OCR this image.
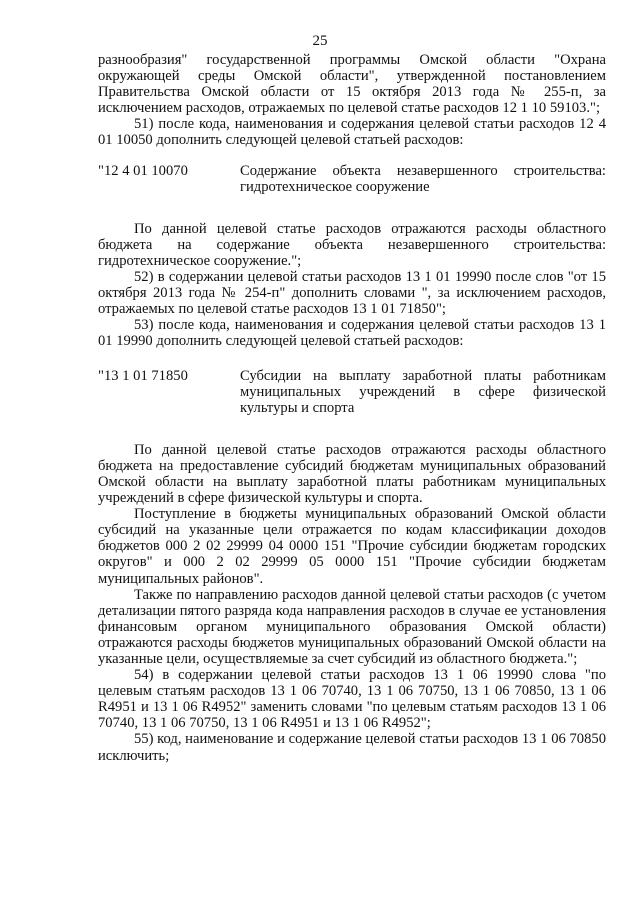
25

разнообразия" государственной программы Омской области "Охрана окружающей среды Омской области", утвержденной постановлением Правительства Омской области от 15 октября 2013 года № 255-п, за исключением расходов, отражаемых по целевой статье расходов 12 1 10 59103.";

51) после кода, наименования и содержания целевой статьи расходов 12 4 01 10050 дополнить следующей целевой статьей расходов:

"12 4 01 10070	Содержание объекта незавершенного строительства: гидротехническое сооружение

По данной целевой статье расходов отражаются расходы областного бюджета на содержание объекта незавершенного строительства: гидротехническое сооружение.";

52) в содержании целевой статьи расходов 13 1 01 19990 после слов "от 15 октября 2013 года № 254-п" дополнить словами ", за исключением расходов, отражаемых по целевой статье расходов 13 1 01 71850";

53) после кода, наименования и содержания целевой статьи расходов 13 1 01 19990 дополнить следующей целевой статьей расходов:

"13 1 01 71850	Субсидии на выплату заработной платы работникам муниципальных учреждений в сфере физической культуры и спорта

По данной целевой статье расходов отражаются расходы областного бюджета на предоставление субсидий бюджетам муниципальных образований Омской области на выплату заработной платы работникам муниципальных учреждений в сфере физической культуры и спорта.

Поступление в бюджеты муниципальных образований Омской области субсидий на указанные цели отражается по кодам классификации доходов бюджетов 000 2 02 29999 04 0000 151 "Прочие субсидии бюджетам городских округов" и 000 2 02 29999 05 0000 151 "Прочие субсидии бюджетам муниципальных районов".

Также по направлению расходов данной целевой статьи расходов (с учетом детализации пятого разряда кода направления расходов в случае ее установления финансовым органом муниципального образования Омской области) отражаются расходы бюджетов муниципальных образований Омской области на указанные цели, осуществляемые за счет субсидий из областного бюджета.";

54) в содержании целевой статьи расходов 13 1 06 19990 слова "по целевым статьям расходов 13 1 06 70740, 13 1 06 70750, 13 1 06 70850, 13 1 06 R4951 и 13 1 06 R4952" заменить словами "по целевым статьям расходов 13 1 06 70740, 13 1 06 70750, 13 1 06 R4951 и 13 1 06 R4952";

55) код, наименование и содержание целевой статьи расходов 13 1 06 70850 исключить;
